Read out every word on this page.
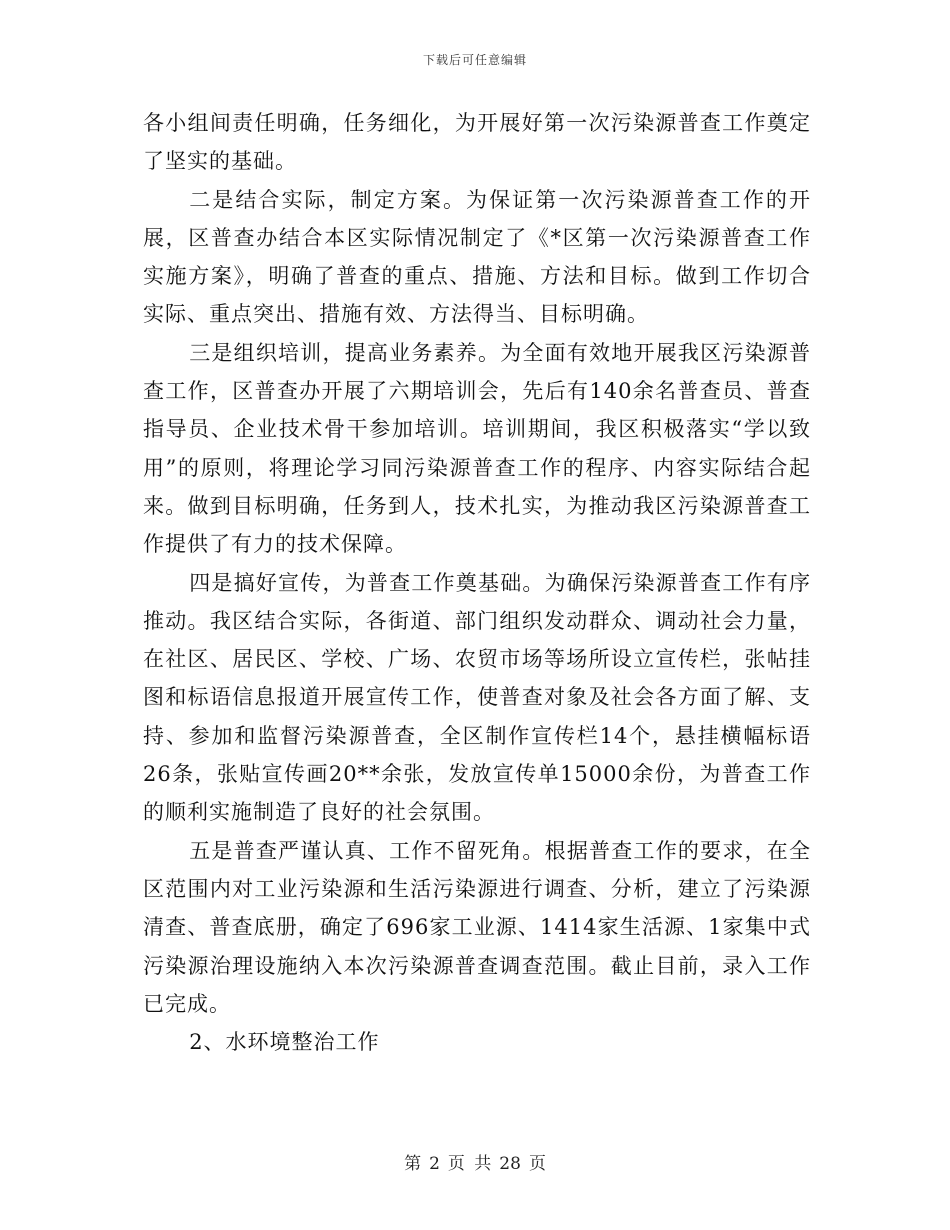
下载后可任意编辑

各小组间责任明确，任务细化，为开展好第一次污染源普查工作奠定了坚实的基础。

二是结合实际，制定方案。为保证第一次污染源普查工作的开展，区普查办结合本区实际情况制定了《*区第一次污染源普查工作实施方案》，明确了普查的重点、措施、方法和目标。做到工作切合实际、重点突出、措施有效、方法得当、目标明确。

三是组织培训，提高业务素养。为全面有效地开展我区污染源普查工作，区普查办开展了六期培训会，先后有140余名普查员、普查指导员、企业技术骨干参加培训。培训期间，我区积极落实“学以致用”的原则，将理论学习同污染源普查工作的程序、内容实际结合起来。做到目标明确，任务到人，技术扎实，为推动我区污染源普查工作提供了有力的技术保障。

四是搞好宣传，为普查工作奠基础。为确保污染源普查工作有序推动。我区结合实际，各街道、部门组织发动群众、调动社会力量，在社区、居民区、学校、广场、农贸市场等场所设立宣传栏，张帖挂图和标语信息报道开展宣传工作，使普查对象及社会各方面了解、支持、参加和监督污染源普查，全区制作宣传栏14个，悬挂横幅标语26条，张贴宣传画20**余张，发放宣传单15000余份，为普查工作的顺利实施制造了良好的社会氛围。

五是普查严谨认真、工作不留死角。根据普查工作的要求，在全区范围内对工业污染源和生活污染源进行调查、分析，建立了污染源清查、普查底册，确定了696家工业源、1414家生活源、1家集中式污染源治理设施纳入本次污染源普查调查范围。截止目前，录入工作已完成。

2、水环境整治工作

第 2 页 共 28 页
